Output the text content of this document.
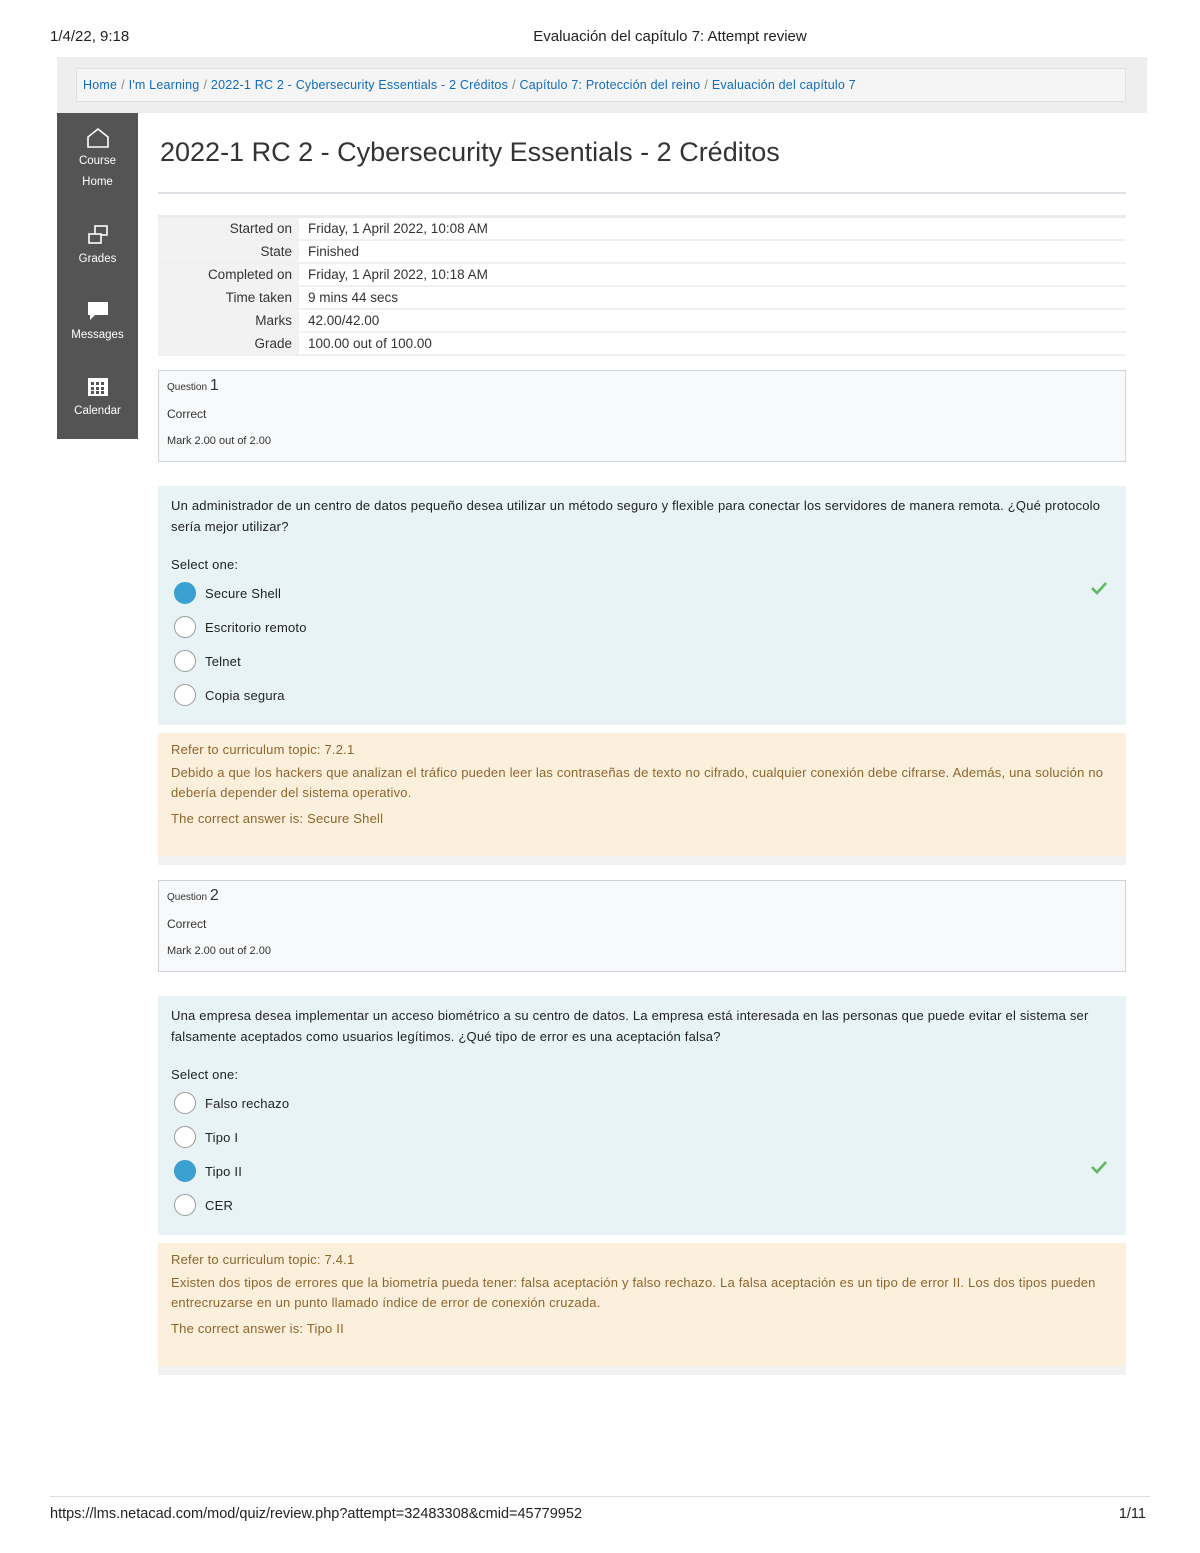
1/4/22, 9:18	Evaluación del capítulo 7: Attempt review
Home / I'm Learning / 2022-1 RC 2 - Cybersecurity Essentials - 2 Créditos / Capítulo 7: Protección del reino / Evaluación del capítulo 7
Course Home
Grades
Messages
Calendar
2022-1 RC 2 - Cybersecurity Essentials - 2 Créditos
Started on	Friday, 1 April 2022, 10:08 AM
State	Finished
Completed on	Friday, 1 April 2022, 10:18 AM
Time taken	9 mins 44 secs
Marks	42.00/42.00
Grade	100.00 out of 100.00
Question 1
Correct
Mark 2.00 out of 2.00
Un administrador de un centro de datos pequeño desea utilizar un método seguro y flexible para conectar los servidores de manera remota. ¿Qué protocolo sería mejor utilizar?
Select one:
Secure Shell
Escritorio remoto
Telnet
Copia segura
Refer to curriculum topic: 7.2.1
Debido a que los hackers que analizan el tráfico pueden leer las contraseñas de texto no cifrado, cualquier conexión debe cifrarse. Además, una solución no debería depender del sistema operativo.
The correct answer is: Secure Shell
Question 2
Correct
Mark 2.00 out of 2.00
Una empresa desea implementar un acceso biométrico a su centro de datos. La empresa está interesada en las personas que puede evitar el sistema ser falsamente aceptados como usuarios legítimos. ¿Qué tipo de error es una aceptación falsa?
Select one:
Falso rechazo
Tipo I
Tipo II
CER
Refer to curriculum topic: 7.4.1
Existen dos tipos de errores que la biometría pueda tener: falsa aceptación y falso rechazo. La falsa aceptación es un tipo de error II. Los dos tipos pueden entrecruzarse en un punto llamado índice de error de conexión cruzada.
The correct answer is: Tipo II
https://lms.netacad.com/mod/quiz/review.php?attempt=32483308&cmid=45779952	1/11
